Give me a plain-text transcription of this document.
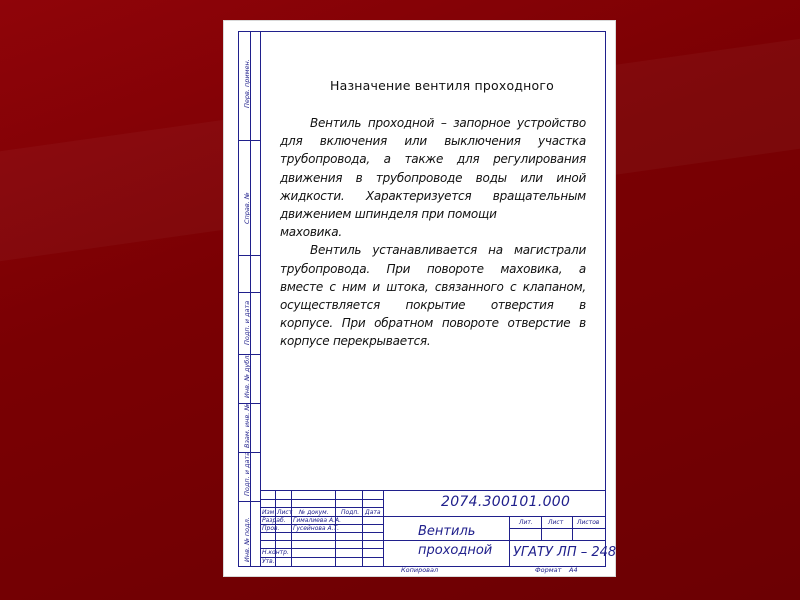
Перв. примен.
Справ. №
Подп. и дата
Инв. № дубл.
Взам. инв. №
Подп. и дата
Инв. № подл.
Назначение вентиля проходного
Вентиль проходной – запорное устройство
для включения или выключения участка
трубопровода, а также для регулирования
движения в трубопроводе воды или иной
жидкости. Характеризуется вращательным
движением шпинделя при помощи
маховика.
Вентиль устанавливается на магистрали
трубопровода. При повороте маховика, а
вместе с ним и штока, связанного с клапаном,
осуществляется покрытие отверстия в
корпусе. При обратном повороте отверстие в
корпусе перекрывается.
Изм Лист № докум. Подп. Дата
Разраб.
Пров.
Н.контр.
Утв.
Гималиева А.А.
Гусейнова А.Т.
2074.300101.000
Вентиль
проходной
Лит.	Лист Листов
УГАТУ ЛП – 248
Копировал	Формат А4
